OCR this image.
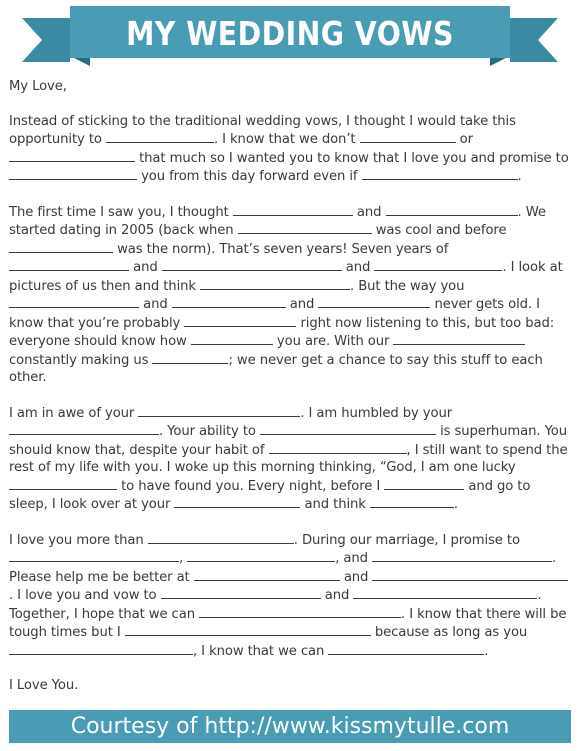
MY WEDDING VOWS

My Love,

Instead of sticking to the traditional wedding vows, I thought I would take this opportunity to	. I know that we don’t	or  that much so I wanted you to know that I love you and promise to  you from this day forward even if	.

The first time I saw you, I thought	and	. We started dating in 2005 (back when	was cool and before  was the norm). That’s seven years! Seven years of  and	and	. I look at pictures of us then and think	. But the way you  and	and	never gets old. I know that you’re probably	right now listening to this, but too bad: everyone should know how	you are. With our  constantly making us	; we never get a chance to say this stuff to each other.

I am in awe of your	. I am humbled by your . Your ability to	is superhuman. You should know that, despite your habit of	, I still want to spend the rest of my life with you. I woke up this morning thinking, “God, I am one lucky  to have found you. Every night, before I	and go to sleep, I look over at your	and think	.

I love you more than	. During our marriage, I promise to ,	, and	. Please help me be better at	and . I love you and vow to	and	. Together, I hope that we can	. I know that there will be tough times but I	because as long as you , I know that we can	.

I Love You.

Courtesy of http://www.kissmytulle.com
